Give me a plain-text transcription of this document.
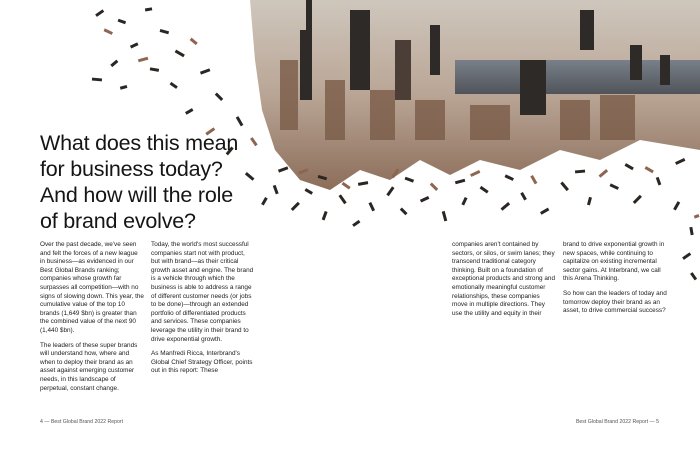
What does this mean
for business today?
And how will the role
of brand evolve?

Over the past decade, we've seen and felt the forces of a new league in business—as evidenced in our Best Global Brands ranking; companies whose growth far surpasses all competition—with no signs of slowing down. This year, the cumulative value of the top 10 brands (1,649 $bn) is greater than the combined value of the next 90 (1,440 $bn).

The leaders of these super brands will understand how, where and when to deploy their brand as an asset against emerging customer needs, in this landscape of perpetual, constant change.

Today, the world's most successful companies start not with product, but with brand—as their critical growth asset and engine. The brand is a vehicle through which the business is able to address a range of different customer needs (or jobs to be done)—through an extended portfolio of differentiated products and services. These companies leverage the utility in their brand to drive exponential growth.

As Manfredi Ricca, Interbrand's Global Chief Strategy Officer, points out in this report: These

companies aren't contained by sectors, or silos, or swim lanes; they transcend traditional category thinking. Built on a foundation of exceptional products and strong and emotionally meaningful customer relationships, these companies move in multiple directions. They use the utility and equity in their

brand to drive exponential growth in new spaces, while continuing to capitalize on existing incremental sector gains. At Interbrand, we call this Arena Thinking.

So how can the leaders of today and tomorrow deploy their brand as an asset, to drive commercial success?

4 — Best Global Brand 2022 Report	Best Global Brand 2022 Report — 5
